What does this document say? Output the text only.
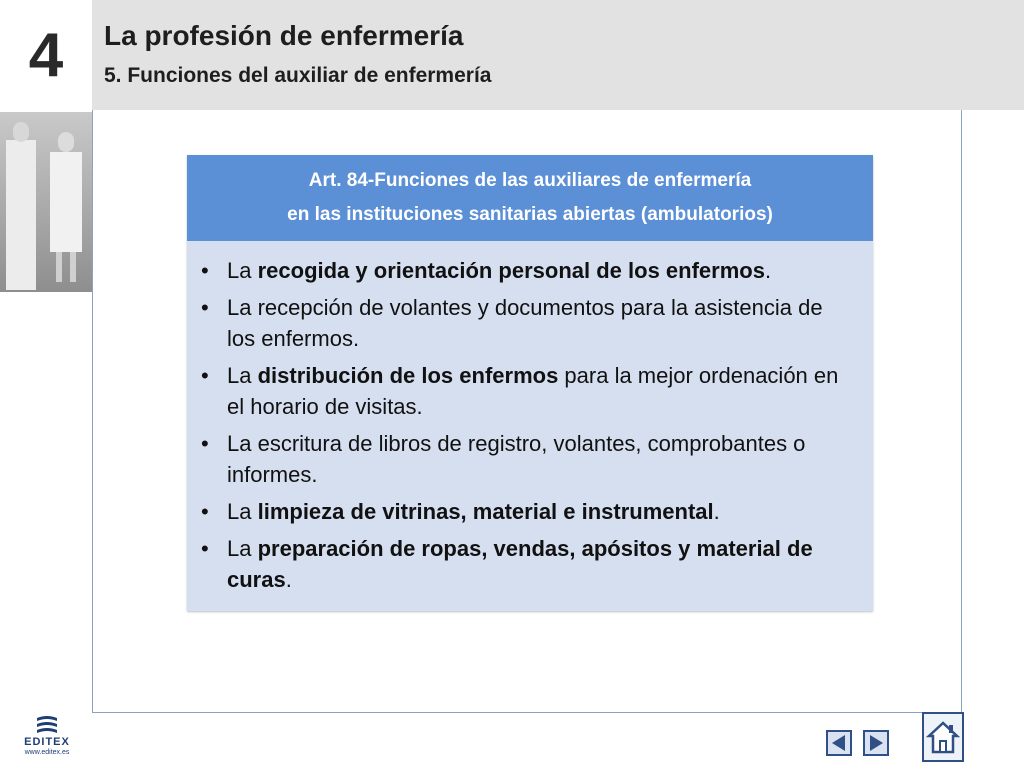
4	La profesión de enfermería
5. Funciones del auxiliar de enfermería
Art. 84-Funciones de las auxiliares de enfermería
en las instituciones sanitarias abiertas (ambulatorios)
• La recogida y orientación personal de los enfermos.
• La recepción de volantes y documentos para la asistencia de los enfermos.
• La distribución de los enfermos para la mejor ordenación en el horario de visitas.
• La escritura de libros de registro, volantes, comprobantes o informes.
• La limpieza de vitrinas, material e instrumental.
• La preparación de ropas, vendas, apósitos y material de curas.
EDITEX
www.editex.es
